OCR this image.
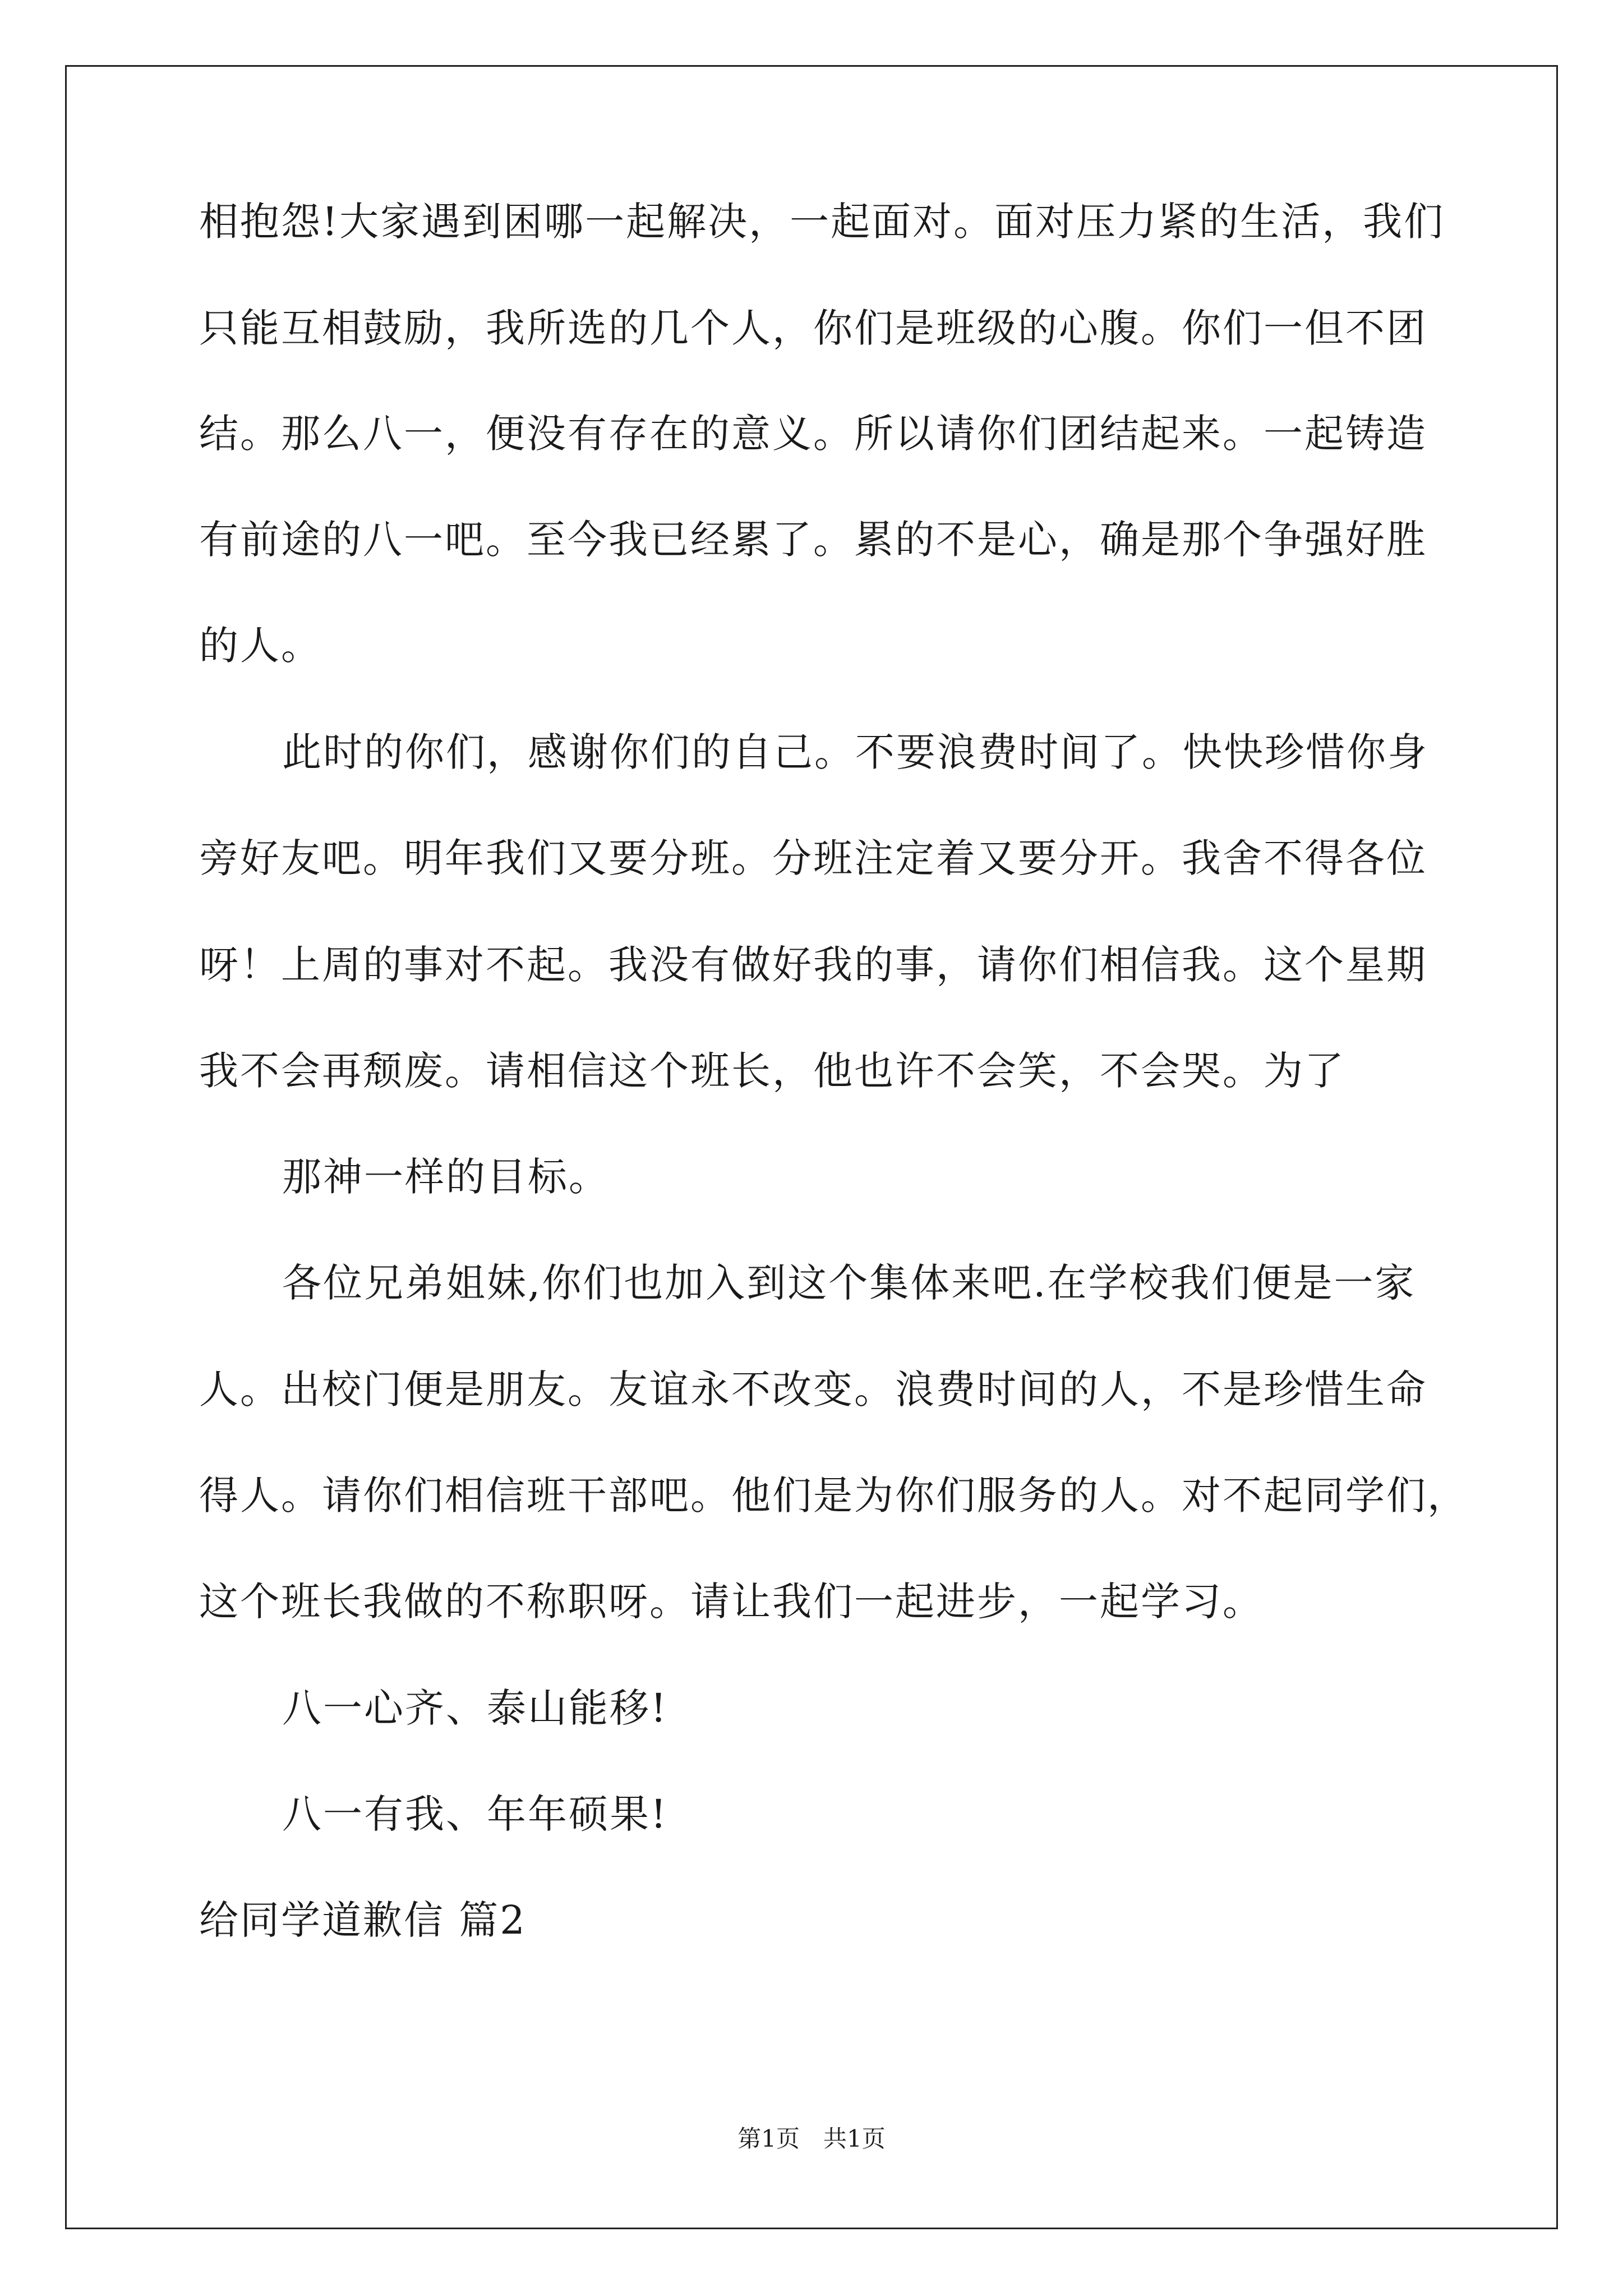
相抱怨!大家遇到困哪一起解决，一起面对。面对压力紧的生活，我们
只能互相鼓励，我所选的几个人，你们是班级的心腹。你们一但不团
结。那么八一，便没有存在的意义。所以请你们团结起来。一起铸造
有前途的八一吧。至今我已经累了。累的不是心，确是那个争强好胜
的人。
此时的你们，感谢你们的自己。不要浪费时间了。快快珍惜你身
旁好友吧。明年我们又要分班。分班注定着又要分开。我舍不得各位
呀！上周的事对不起。我没有做好我的事，请你们相信我。这个星期
我不会再颓废。请相信这个班长，他也许不会笑，不会哭。为了
那神一样的目标。
各位兄弟姐妹,你们也加入到这个集体来吧.在学校我们便是一家
人。出校门便是朋友。友谊永不改变。浪费时间的人，不是珍惜生命
得人。请你们相信班干部吧。他们是为你们服务的人。对不起同学们，
这个班长我做的不称职呀。请让我们一起进步，一起学习。
八一心齐、泰山能移!
八一有我、年年硕果!
给同学道歉信 篇2
第1页　共1页
